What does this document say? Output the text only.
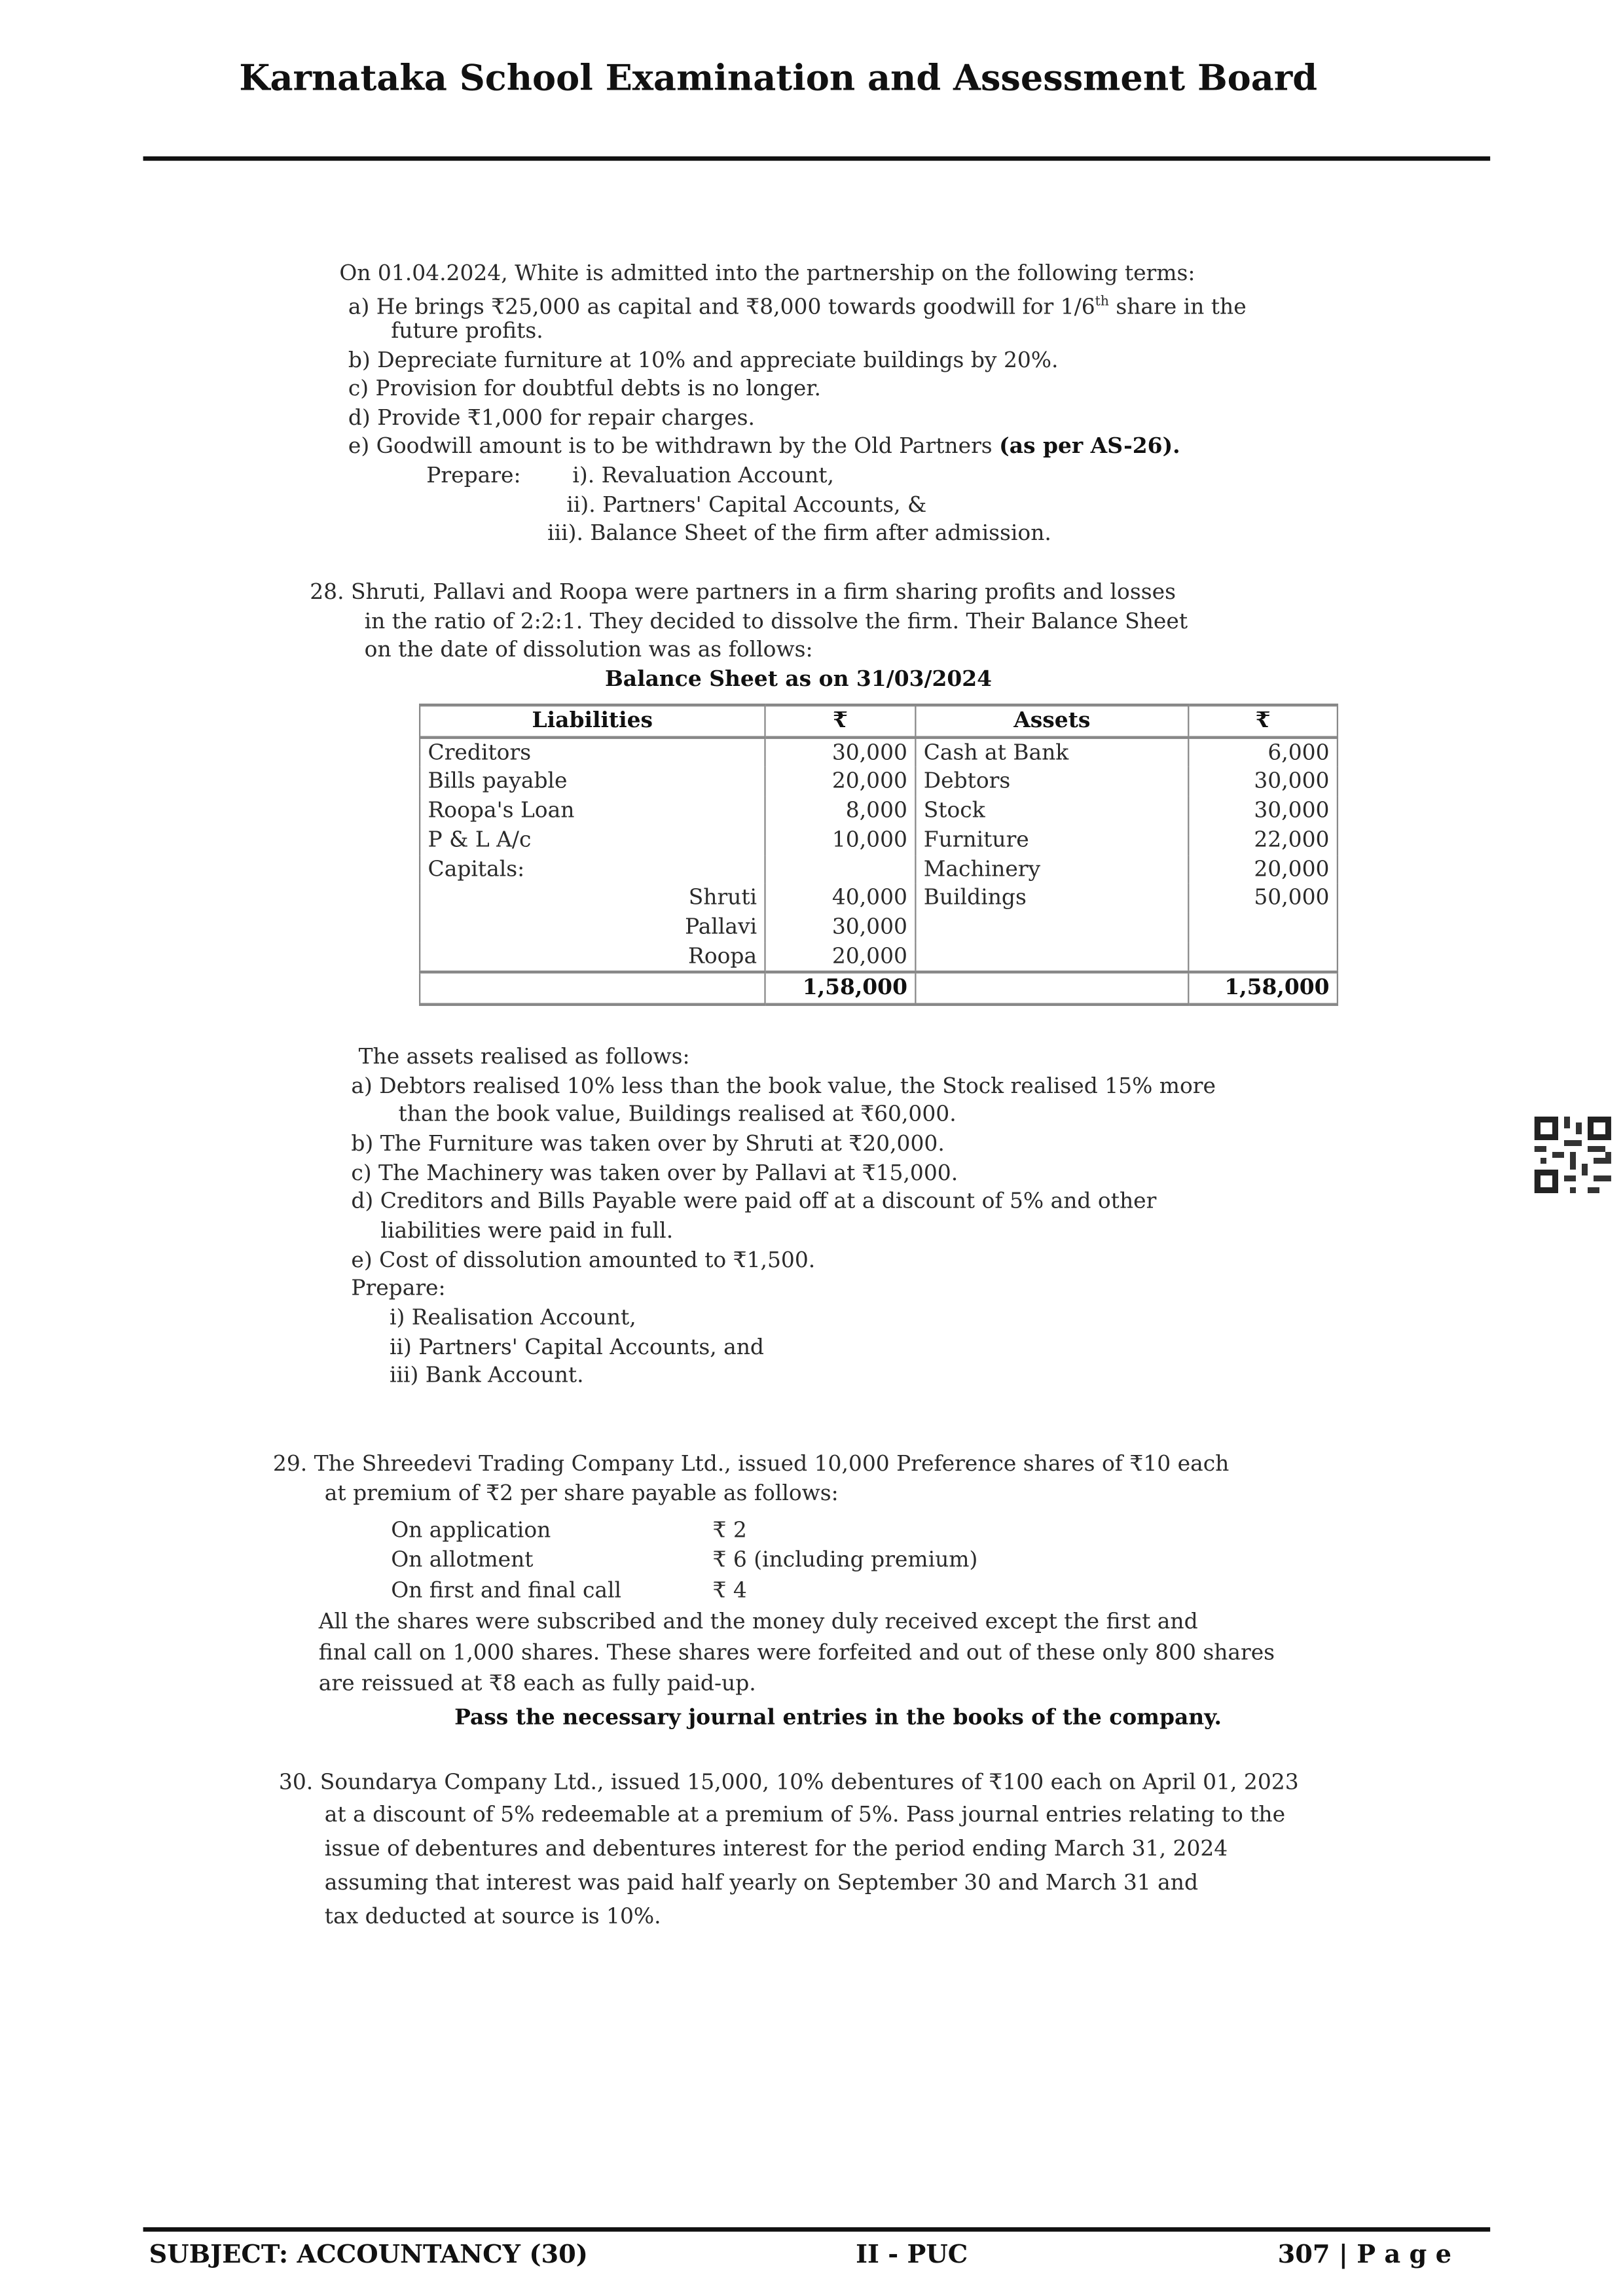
Karnataka School Examination and Assessment Board
On 01.04.2024, White is admitted into the partnership on the following terms:
a) He brings ₹25,000 as capital and ₹8,000 towards goodwill for 1/6th share in the
future profits.
b) Depreciate furniture at 10% and appreciate buildings by 20%.
c) Provision for doubtful debts is no longer.
d) Provide ₹1,000 for repair charges.
e) Goodwill amount is to be withdrawn by the Old Partners (as per AS-26).
Prepare:	i). Revaluation Account,
ii). Partners' Capital Accounts, &
iii). Balance Sheet of the firm after admission.
28. Shruti, Pallavi and Roopa were partners in a firm sharing profits and losses
in the ratio of 2:2:1. They decided to dissolve the firm. Their Balance Sheet
on the date of dissolution was as follows:
Balance Sheet as on 31/03/2024
Liabilities	₹	Assets	₹
Creditors	30,000	Cash at Bank	6,000
Bills payable	20,000	Debtors	30,000
Roopa's Loan	8,000	Stock	30,000
P & L A/c	10,000	Furniture	22,000
Capitals:		Machinery	20,000
Shruti	40,000	Buildings	50,000
Pallavi	30,000		
Roopa	20,000		
	1,58,000		1,58,000
The assets realised as follows:
a) Debtors realised 10% less than the book value, the Stock realised 15% more
than the book value, Buildings realised at ₹60,000.
b) The Furniture was taken over by Shruti at ₹20,000.
c) The Machinery was taken over by Pallavi at ₹15,000.
d) Creditors and Bills Payable were paid off at a discount of 5% and other
liabilities were paid in full.
e) Cost of dissolution amounted to ₹1,500.
Prepare:
i) Realisation Account,
ii) Partners' Capital Accounts, and
iii) Bank Account.
29. The Shreedevi Trading Company Ltd., issued 10,000 Preference shares of ₹10 each
at premium of ₹2 per share payable as follows:
On application	₹ 2
On allotment	₹ 6 (including premium)
On first and final call	₹ 4
All the shares were subscribed and the money duly received except the first and
final call on 1,000 shares. These shares were forfeited and out of these only 800 shares
are reissued at ₹8 each as fully paid-up.
Pass the necessary journal entries in the books of the company.
30. Soundarya Company Ltd., issued 15,000, 10% debentures of ₹100 each on April 01, 2023
at a discount of 5% redeemable at a premium of 5%. Pass journal entries relating to the
issue of debentures and debentures interest for the period ending March 31, 2024
assuming that interest was paid half yearly on September 30 and March 31 and
tax deducted at source is 10%.
SUBJECT: ACCOUNTANCY (30)	II - PUC	307 | P a g e
